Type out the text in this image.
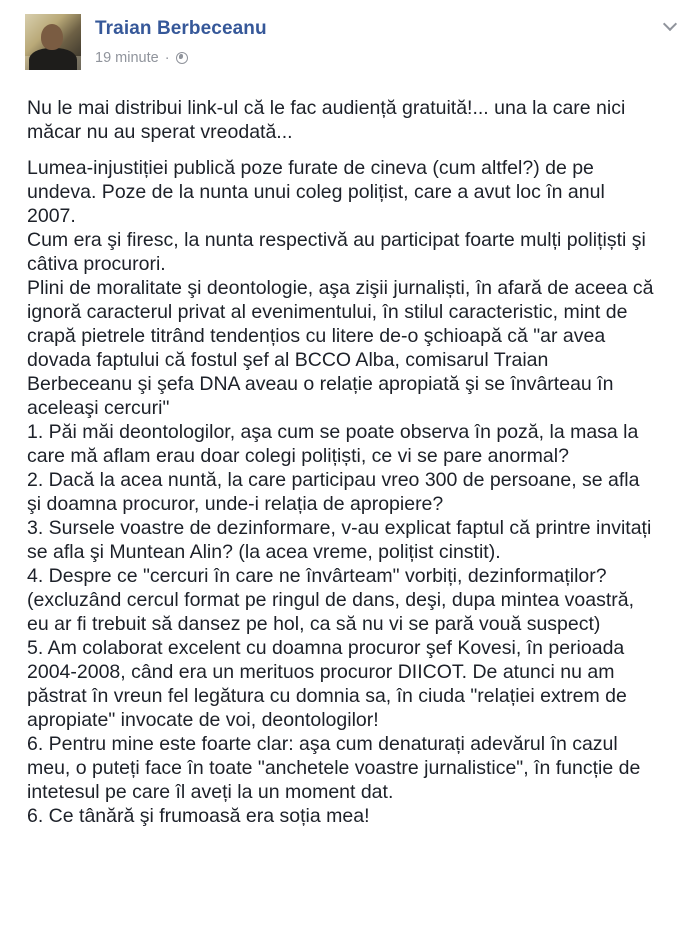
Traian Berbeceanu
19 minute ·

Nu le mai distribui link-ul că le fac audiență gratuită!... una la care nici
măcar nu au sperat vreodată...

Lumea-injustiției publică poze furate de cineva (cum altfel?) de pe
undeva. Poze de la nunta unui coleg polițist, care a avut loc în anul
2007.
Cum era şi firesc, la nunta respectivă au participat foarte mulți polițiști şi
câtiva procurori.
Plini de moralitate şi deontologie, aşa zişii jurnaliști, în afară de aceea că
ignoră caracterul privat al evenimentului, în stilul caracteristic, mint de
crapă pietrele titrând tendențios cu litere de-o şchioapă că "ar avea
dovada faptului că fostul şef al BCCO Alba, comisarul Traian
Berbeceanu şi şefa DNA aveau o relație apropiată şi se învârteau în
aceleaşi cercuri"
1. Păi măi deontologilor, aşa cum se poate observa în poză, la masa la
care mă aflam erau doar colegi polițiști, ce vi se pare anormal?
2. Dacă la acea nuntă, la care participau vreo 300 de persoane, se afla
şi doamna procuror, unde-i relația de apropiere?
3. Sursele voastre de dezinformare, v-au explicat faptul că printre invitați
se afla şi Muntean Alin? (la acea vreme, polițist cinstit).
4. Despre ce "cercuri în care ne învârteam" vorbiți, dezinformaților?
(excluzând cercul format pe ringul de dans, deşi, dupa mintea voastră,
eu ar fi trebuit să dansez pe hol, ca să nu vi se pară vouă suspect)
5. Am colaborat excelent cu doamna procuror şef Kovesi, în perioada
2004-2008, când era un merituos procuror DIICOT. De atunci nu am
păstrat în vreun fel legătura cu domnia sa, în ciuda "relației extrem de
apropiate" invocate de voi, deontologilor!
6. Pentru mine este foarte clar: aşa cum denaturați adevărul în cazul
meu, o puteți face în toate "anchetele voastre jurnalistice", în funcție de
intetesul pe care îl aveți la un moment dat.
6. Ce tânără şi frumoasă era soția mea!
